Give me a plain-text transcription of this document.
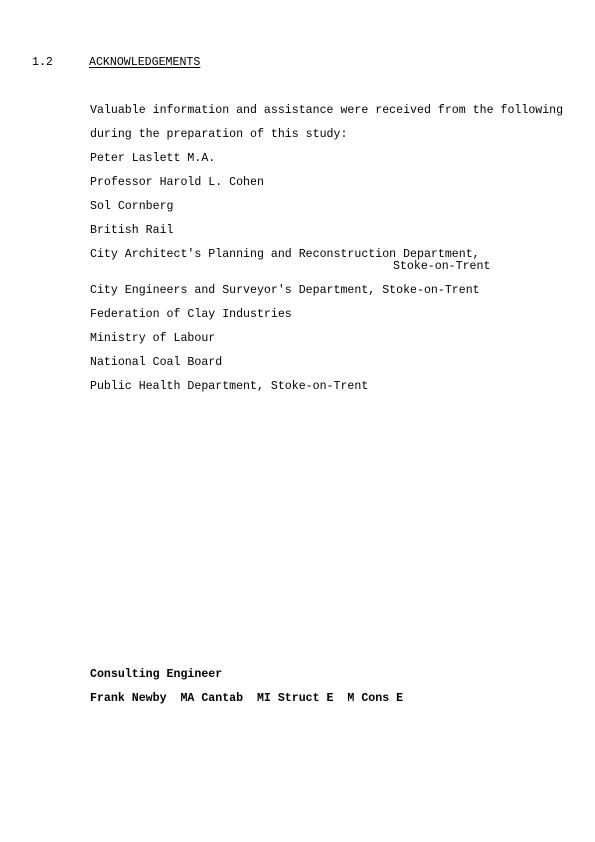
1.2	ACKNOWLEDGEMENTS
Valuable information and assistance were received from the following
during the preparation of this study:
Peter Laslett M.A.
Professor Harold L. Cohen
Sol Cornberg
British Rail
City Architect's Planning and Reconstruction Department,
Stoke-on-Trent
City Engineers and Surveyor's Department, Stoke-on-Trent
Federation of Clay Industries
Ministry of Labour
National Coal Board
Public Health Department, Stoke-on-Trent
Consulting Engineer
Frank Newby  MA Cantab  MI Struct E  M Cons E
